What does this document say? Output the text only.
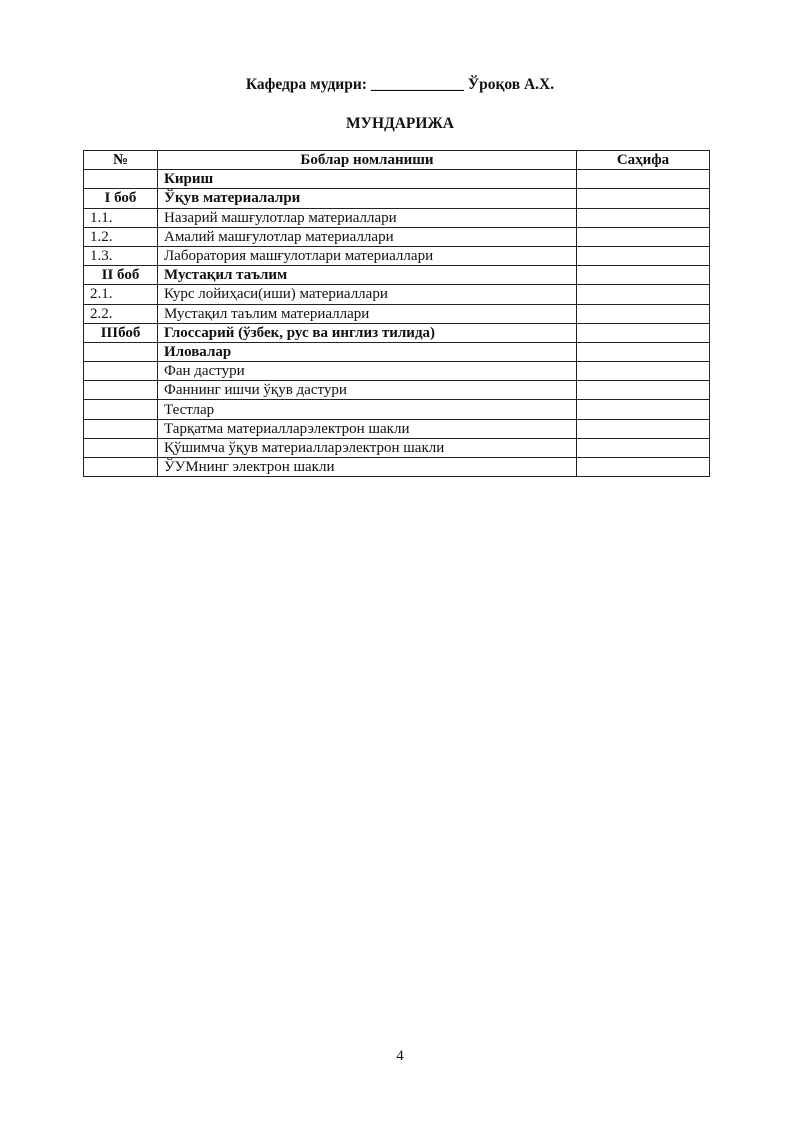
Кафедра мудири: ____________ Ўроқов А.Х.
МУНДАРИЖА
№	Боблар номланиши	Саҳифа
	Кириш	
I боб	Ўқув материалалри	
1.1.	Назарий машғулотлар материаллари	
1.2.	Амалий машғулотлар материаллари	
1.3.	Лаборатория машғулотлари материаллари	
II боб	Мустақил таълим	
2.1.	Курс лойиҳаси(иши) материаллари	
2.2.	Мустақил таълим материаллари	
IIIбоб	Глоссарий (ўзбек, рус ва инглиз тилида)	
	Иловалар	
	Фан дастури	
	Фаннинг ишчи ўқув дастури	
	Тестлар	
	Тарқатма материалларэлектрон шакли	
	Қўшимча ўқув материалларэлектрон шакли	
	ЎУМнинг электрон шакли	
4
